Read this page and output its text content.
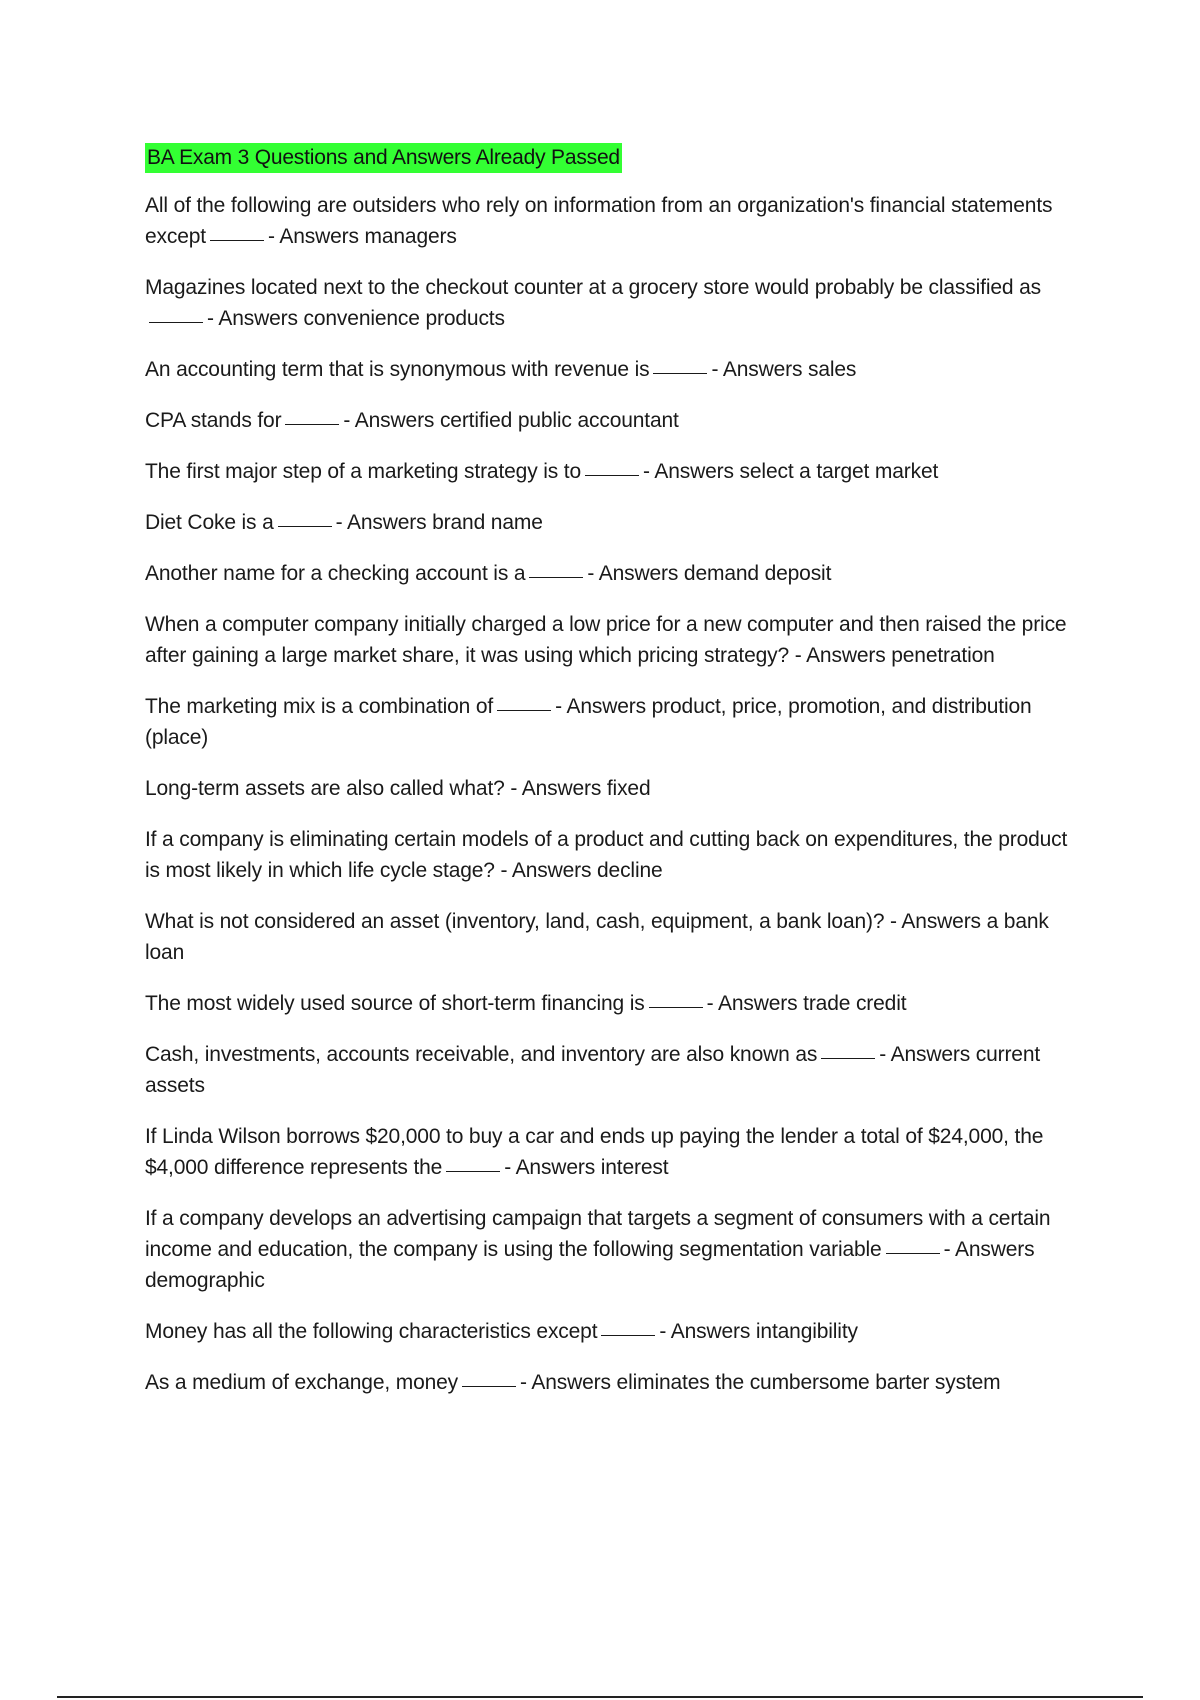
BA Exam 3 Questions and Answers Already Passed
All of the following are outsiders who rely on information from an organization's financial statements except	- Answers managers
Magazines located next to the checkout counter at a grocery store would probably be classified as- Answers convenience products
An accounting term that is synonymous with revenue is	- Answers sales
CPA stands for	- Answers certified public accountant
The first major step of a marketing strategy is to	- Answers select a target market
Diet Coke is a	- Answers brand name
Another name for a checking account is a	- Answers demand deposit
When a computer company initially charged a low price for a new computer and then raised the price after gaining a large market share, it was using which pricing strategy? - Answers penetration
The marketing mix is a combination of	- Answers product, price, promotion, and distribution (place)
Long-term assets are also called what? - Answers fixed
If a company is eliminating certain models of a product and cutting back on expenditures, the product is most likely in which life cycle stage? - Answers decline
What is not considered an asset (inventory, land, cash, equipment, a bank loan)? - Answers a bank loan
The most widely used source of short-term financing is	- Answers trade credit
Cash, investments, accounts receivable, and inventory are also known as	- Answers current assets
If Linda Wilson borrows $20,000 to buy a car and ends up paying the lender a total of $24,000, the $4,000 difference represents the	- Answers interest
If a company develops an advertising campaign that targets a segment of consumers with a certain income and education, the company is using the following segmentation variable	- Answers demographic
Money has all the following characteristics except	- Answers intangibility
As a medium of exchange, money	- Answers eliminates the cumbersome barter system
